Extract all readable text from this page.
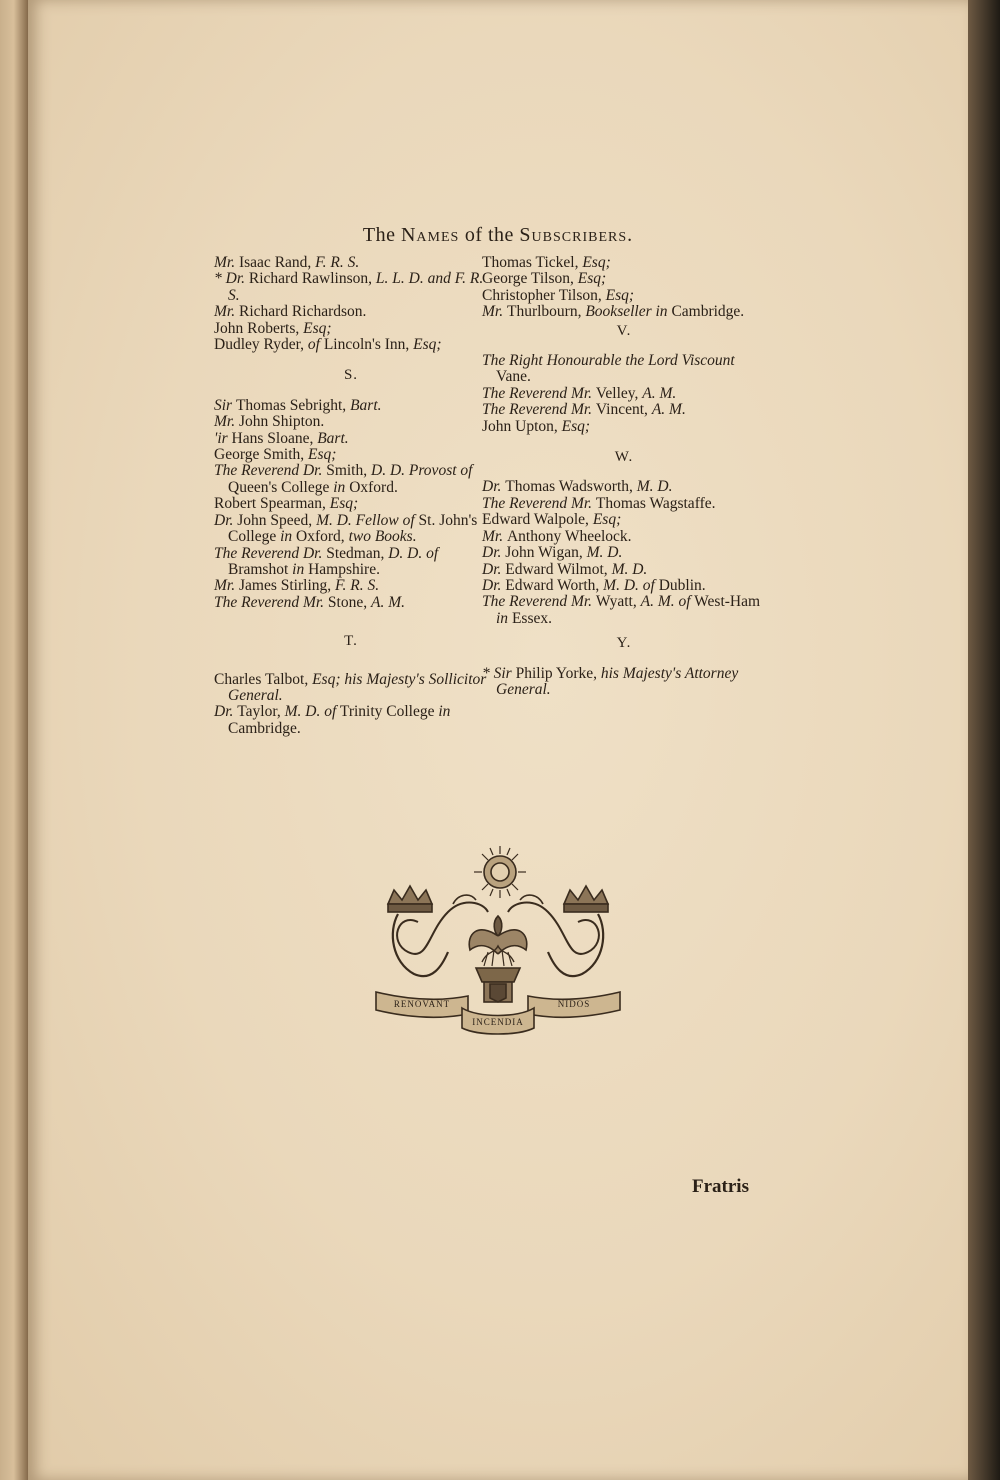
The Names of the Subscribers.

Mr. Isaac Rand, F. R. S.

* Dr. Richard Rawlinson, L. L. D. and F. R. S.

Mr. Richard Richardson.

John Roberts, Esq;

Dudley Ryder, of Lincoln's Inn, Esq;

S.

Sir Thomas Sebright, Bart.

Mr. John Shipton.

'ir Hans Sloane, Bart.

George Smith, Esq;

The Reverend Dr. Smith, D. D. Provost of Queen's College in Oxford.

Robert Spearman, Esq;

Dr. John Speed, M. D. Fellow of St. John's College in Oxford, two Books.

The Reverend Dr. Stedman, D. D. of Bramshot in Hampshire.

Mr. James Stirling, F. R. S.

The Reverend Mr. Stone, A. M.

T.

Charles Talbot, Esq; his Majesty's Sollicitor General.

Dr. Taylor, M. D. of Trinity College in Cambridge.

Thomas Tickel, Esq;

George Tilson, Esq;

Christopher Tilson, Esq;

Mr. Thurlbourn, Bookseller in Cambridge.

V.

The Right Honourable the Lord Viscount Vane.

The Reverend Mr. Velley, A. M.

The Reverend Mr. Vincent, A. M.

John Upton, Esq;

W.

Dr. Thomas Wadsworth, M. D.

The Reverend Mr. Thomas Wagstaffe.

Edward Walpole, Esq;

Mr. Anthony Wheelock.

Dr. John Wigan, M. D.

Dr. Edward Wilmot, M. D.

Dr. Edward Worth, M. D. of Dublin.

The Reverend Mr. Wyatt, A. M. of West-Ham in Essex.

Y.

* Sir Philip Yorke, his Majesty's Attorney General.

RENOVANT
INCENDIA
NIDOS
Fratris
